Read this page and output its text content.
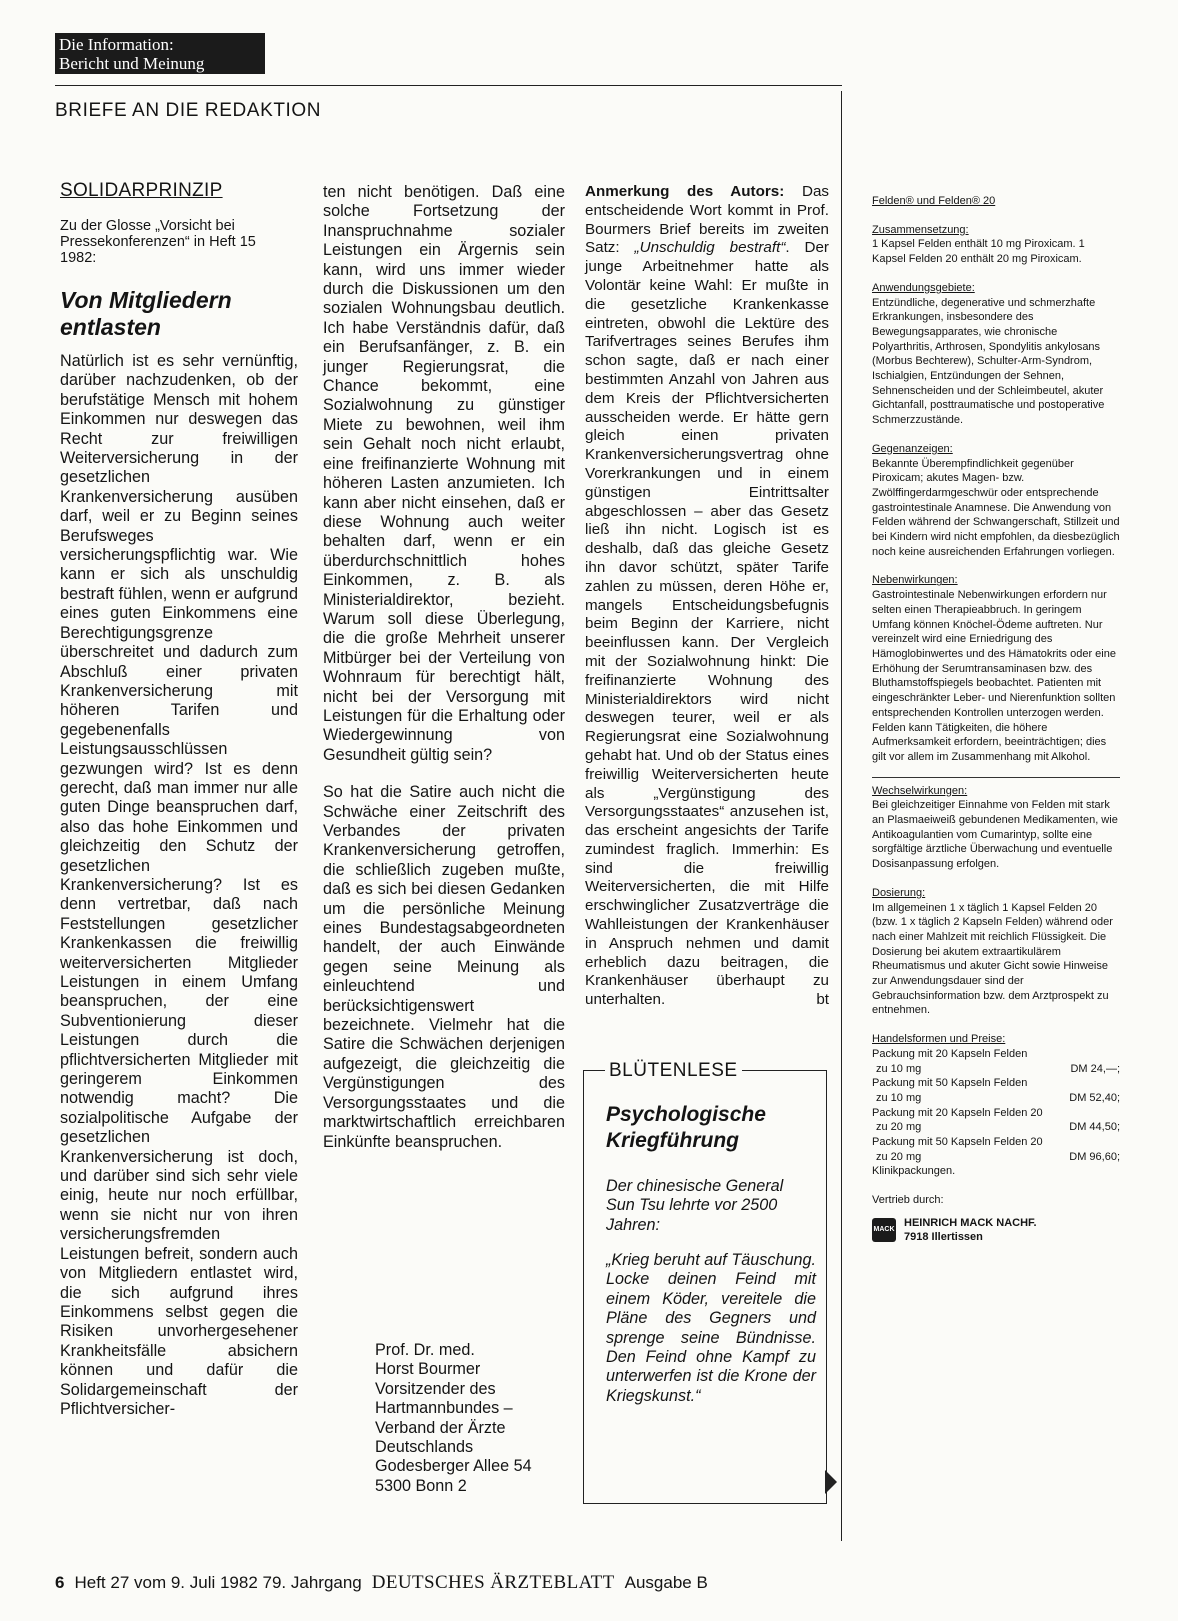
Die Information:
Bericht und Meinung
BRIEFE AN DIE REDAKTION
SOLIDARPRINZIP
Zu der Glosse „Vorsicht bei Pressekonferenzen“ in Heft 15 1982:
Von Mitgliedern entlasten
Natürlich ist es sehr vernünftig, darüber nachzudenken, ob der berufstätige Mensch mit hohem Einkommen nur deswegen das Recht zur freiwilligen Weiterversicherung in der gesetzlichen Krankenversicherung ausüben darf, weil er zu Beginn seines Berufsweges versicherungspflichtig war. Wie kann er sich als unschuldig bestraft fühlen, wenn er aufgrund eines guten Einkommens eine Berechtigungsgrenze überschreitet und dadurch zum Abschluß einer privaten Krankenversicherung mit höheren Tarifen und gegebenenfalls Leistungsausschlüssen gezwungen wird? Ist es denn gerecht, daß man immer nur alle guten Dinge beanspruchen darf, also das hohe Einkommen und gleichzeitig den Schutz der gesetzlichen Krankenversicherung? Ist es denn vertretbar, daß nach Feststellungen gesetzlicher Krankenkassen die freiwillig weiterversicherten Mitglieder Leistungen in einem Umfang beanspruchen, der eine Subventionierung dieser Leistungen durch die pflichtversicherten Mitglieder mit geringerem Einkommen notwendig macht? Die sozialpolitische Aufgabe der gesetzlichen Krankenversicherung ist doch, und darüber sind sich sehr viele einig, heute nur noch erfüllbar, wenn sie nicht nur von ihren versicherungsfremden Leistungen befreit, sondern auch von Mitgliedern entlastet wird, die sich aufgrund ihres Einkommens selbst gegen die Risiken unvorhergesehener Krankheitsfälle absichern können und dafür die Solidargemeinschaft der Pflichtversicher-

ten nicht benötigen. Daß eine solche Fortsetzung der Inanspruchnahme sozialer Leistungen ein Ärgernis sein kann, wird uns immer wieder durch die Diskussionen um den sozialen Wohnungsbau deutlich. Ich habe Verständnis dafür, daß ein Berufsanfänger, z. B. ein junger Regierungsrat, die Chance bekommt, eine Sozialwohnung zu günstiger Miete zu bewohnen, weil ihm sein Gehalt noch nicht erlaubt, eine freifinanzierte Wohnung mit höheren Lasten anzumieten. Ich kann aber nicht einsehen, daß er diese Wohnung auch weiter behalten darf, wenn er ein überdurchschnittlich hohes Einkommen, z. B. als Ministerialdirektor, bezieht. Warum soll diese Überlegung, die die große Mehrheit unserer Mitbürger bei der Verteilung von Wohnraum für berechtigt hält, nicht bei der Versorgung mit Leistungen für die Erhaltung oder Wiedergewinnung von Gesundheit gültig sein?

So hat die Satire auch nicht die Schwäche einer Zeitschrift des Verbandes der privaten Krankenversicherung getroffen, die schließlich zugeben mußte, daß es sich bei diesen Gedanken um die persönliche Meinung eines Bundestagsabgeordneten handelt, der auch Einwände gegen seine Meinung als einleuchtend und berücksichtigenswert bezeichnete. Vielmehr hat die Satire die Schwächen derjenigen aufgezeigt, die gleichzeitig die Vergünstigungen des Versorgungsstaates und die marktwirtschaftlich erreichbaren Einkünfte beanspruchen.

Prof. Dr. med.
Horst Bourmer
Vorsitzender des
Hartmannbundes –
Verband der Ärzte
Deutschlands
Godesberger Allee 54
5300 Bonn 2
Anmerkung des Autors: Das entscheidende Wort kommt in Prof. Bourmers Brief bereits im zweiten Satz: „Unschuldig bestraft“. Der junge Arbeitnehmer hatte als Volontär keine Wahl: Er mußte in die gesetzliche Krankenkasse eintreten, obwohl die Lektüre des Tarifvertrages seines Berufes ihm schon sagte, daß er nach einer bestimmten Anzahl von Jahren aus dem Kreis der Pflichtversicherten ausscheiden werde. Er hätte gern gleich einen privaten Krankenversicherungsvertrag ohne Vorerkrankungen und in einem günstigen Eintrittsalter abgeschlossen – aber das Gesetz ließ ihn nicht. Logisch ist es deshalb, daß das gleiche Gesetz ihn davor schützt, später Tarife zahlen zu müssen, deren Höhe er, mangels Entscheidungsbefugnis beim Beginn der Karriere, nicht beeinflussen kann. Der Vergleich mit der Sozialwohnung hinkt: Die freifinanzierte Wohnung des Ministerialdirektors wird nicht deswegen teurer, weil er als Regierungsrat eine Sozialwohnung gehabt hat. Und ob der Status eines freiwillig Weiterversicherten heute als „Vergünstigung des Versorgungsstaates“ anzusehen ist, das erscheint angesichts der Tarife zumindest fraglich. Immerhin: Es sind die freiwillig Weiterversicherten, die mit Hilfe erschwinglicher Zusatzverträge die Wahlleistungen der Krankenhäuser in Anspruch nehmen und damit erheblich dazu beitragen, die Krankenhäuser überhaupt zu unterhalten.	bt
BLÜTENLESE
Psychologische Kriegführung
Der chinesische General Sun Tsu lehrte vor 2500 Jahren:
„Krieg beruht auf Täuschung. Locke deinen Feind mit einem Köder, vereitele die Pläne des Gegners und sprenge seine Bündnisse. Den Feind ohne Kampf zu unterwerfen ist die Krone der Kriegskunst.“
Felden® und Felden® 20
Zusammensetzung:
1 Kapsel Felden enthält 10 mg Piroxicam. 1 Kapsel Felden 20 enthält 20 mg Piroxicam.
Anwendungsgebiete:
Entzündliche, degenerative und schmerzhafte Erkrankungen, insbesondere des Bewegungsapparates, wie chronische Polyarthritis, Arthrosen, Spondylitis ankylosans (Morbus Bechterew), Schulter-Arm-Syndrom, Ischialgien, Entzündungen der Sehnen, Sehnenscheiden und der Schleimbeutel, akuter Gichtanfall, posttraumatische und postoperative Schmerzzustände.
Gegenanzeigen:
Bekannte Überempfindlichkeit gegenüber Piroxicam; akutes Magen- bzw. Zwölffingerdarmgeschwür oder entsprechende gastrointestinale Anamnese. Die Anwendung von Felden während der Schwangerschaft, Stillzeit und bei Kindern wird nicht empfohlen, da diesbezüglich noch keine ausreichenden Erfahrungen vorliegen.
Nebenwirkungen:
Gastrointestinale Nebenwirkungen erfordern nur selten einen Therapieabbruch. In geringem Umfang können Knöchel-Ödeme auftreten. Nur vereinzelt wird eine Erniedrigung des Hämoglobinwertes und des Hämatokrits oder eine Erhöhung der Serumtransaminasen bzw. des Bluthamstoffspiegels beobachtet. Patienten mit eingeschränkter Leber- und Nierenfunktion sollten entsprechenden Kontrollen unterzogen werden. Felden kann Tätigkeiten, die höhere Aufmerksamkeit erfordern, beeinträchtigen; dies gilt vor allem im Zusammenhang mit Alkohol.
Wechselwirkungen:
Bei gleichzeitiger Einnahme von Felden mit stark an Plasmaeiweiß gebundenen Medikamenten, wie Antikoagulantien vom Cumarintyp, sollte eine sorgfältige ärztliche Überwachung und eventuelle Dosisanpassung erfolgen.
Dosierung:
Im allgemeinen 1 x täglich 1 Kapsel Felden 20 (bzw. 1 x täglich 2 Kapseln Felden) während oder nach einer Mahlzeit mit reichlich Flüssigkeit. Die Dosierung bei akutem extraartikulärem Rheumatismus und akuter Gicht sowie Hinweise zur Anwendungsdauer sind der Gebrauchsinformation bzw. dem Arztprospekt zu entnehmen.
Handelsformen und Preise:
Packung mit 20 Kapseln Felden
zu 10 mg	DM 24,—;
Packung mit 50 Kapseln Felden
zu 10 mg	DM 52,40;
Packung mit 20 Kapseln Felden 20
zu 20 mg	DM 44,50;
Packung mit 50 Kapseln Felden 20
zu 20 mg	DM 96,60;
Klinikpackungen.
Vertrieb durch:
MACK
HEINRICH MACK NACHF.
7918 Illertissen
6 Heft 27 vom 9. Juli 1982 79. Jahrgang DEUTSCHES ÄRZTEBLATT Ausgabe B
